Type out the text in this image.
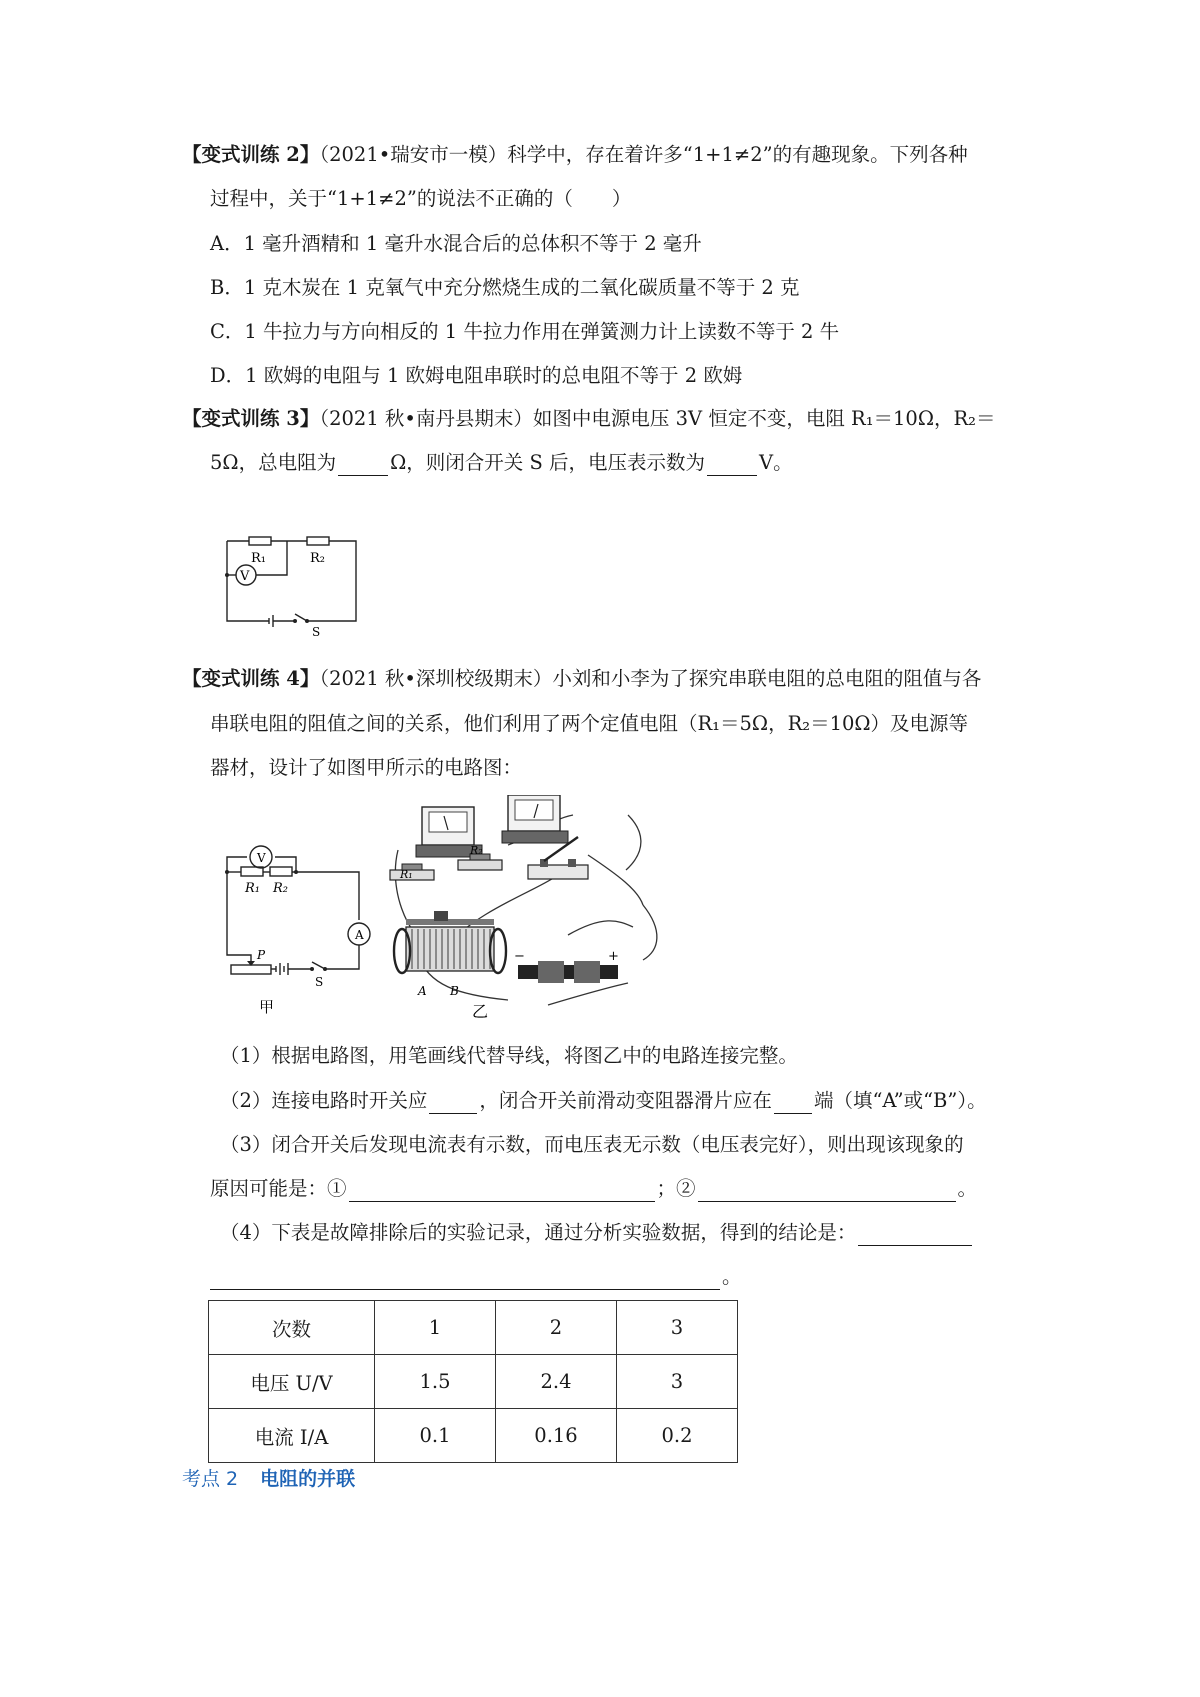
【变式训练 2】（2021•瑞安市一模）科学中，存在着许多“1+1≠2”的有趣现象。下列各种
过程中，关于“1+1≠2”的说法不正确的（　　）
A．1 毫升酒精和 1 毫升水混合后的总体积不等于 2 毫升
B．1 克木炭在 1 克氧气中充分燃烧生成的二氧化碳质量不等于 2 克
C．1 牛拉力与方向相反的 1 牛拉力作用在弹簧测力计上读数不等于 2 牛
D．1 欧姆的电阻与 1 欧姆电阻串联时的总电阻不等于 2 欧姆
【变式训练 3】（2021 秋•南丹县期末）如图中电源电压 3V 恒定不变，电阻 R₁＝10Ω，R₂＝
5Ω，总电阻为	Ω，则闭合开关 S 后，电压表示数为	V。
R₁	R₂
V
S
【变式训练 4】（2021 秋•深圳校级期末）小刘和小李为了探究串联电阻的总电阻的阻值与各
串联电阻的阻值之间的关系，他们利用了两个定值电阻（R₁＝5Ω，R₂＝10Ω）及电源等
器材，设计了如图甲所示的电路图：
V
A
R₁ R₂
P
S
甲
R₁
R₂
A B
−	+
乙
（1）根据电路图，用笔画线代替导线，将图乙中的电路连接完整。
（2）连接电路时开关应	，闭合开关前滑动变阻器滑片应在 端（填“A”或“B”）。
（3）闭合开关后发现电流表有示数，而电压表无示数（电压表完好），则出现该现象的
原因可能是：①	；②	。
（4）下表是故障排除后的实验记录，通过分析实验数据，得到的结论是：
。
次数	1	2	3
电压 U/V	1.5	2.4	3
电流 I/A	0.1	0.16	0.2
考点 2 电阻的并联
